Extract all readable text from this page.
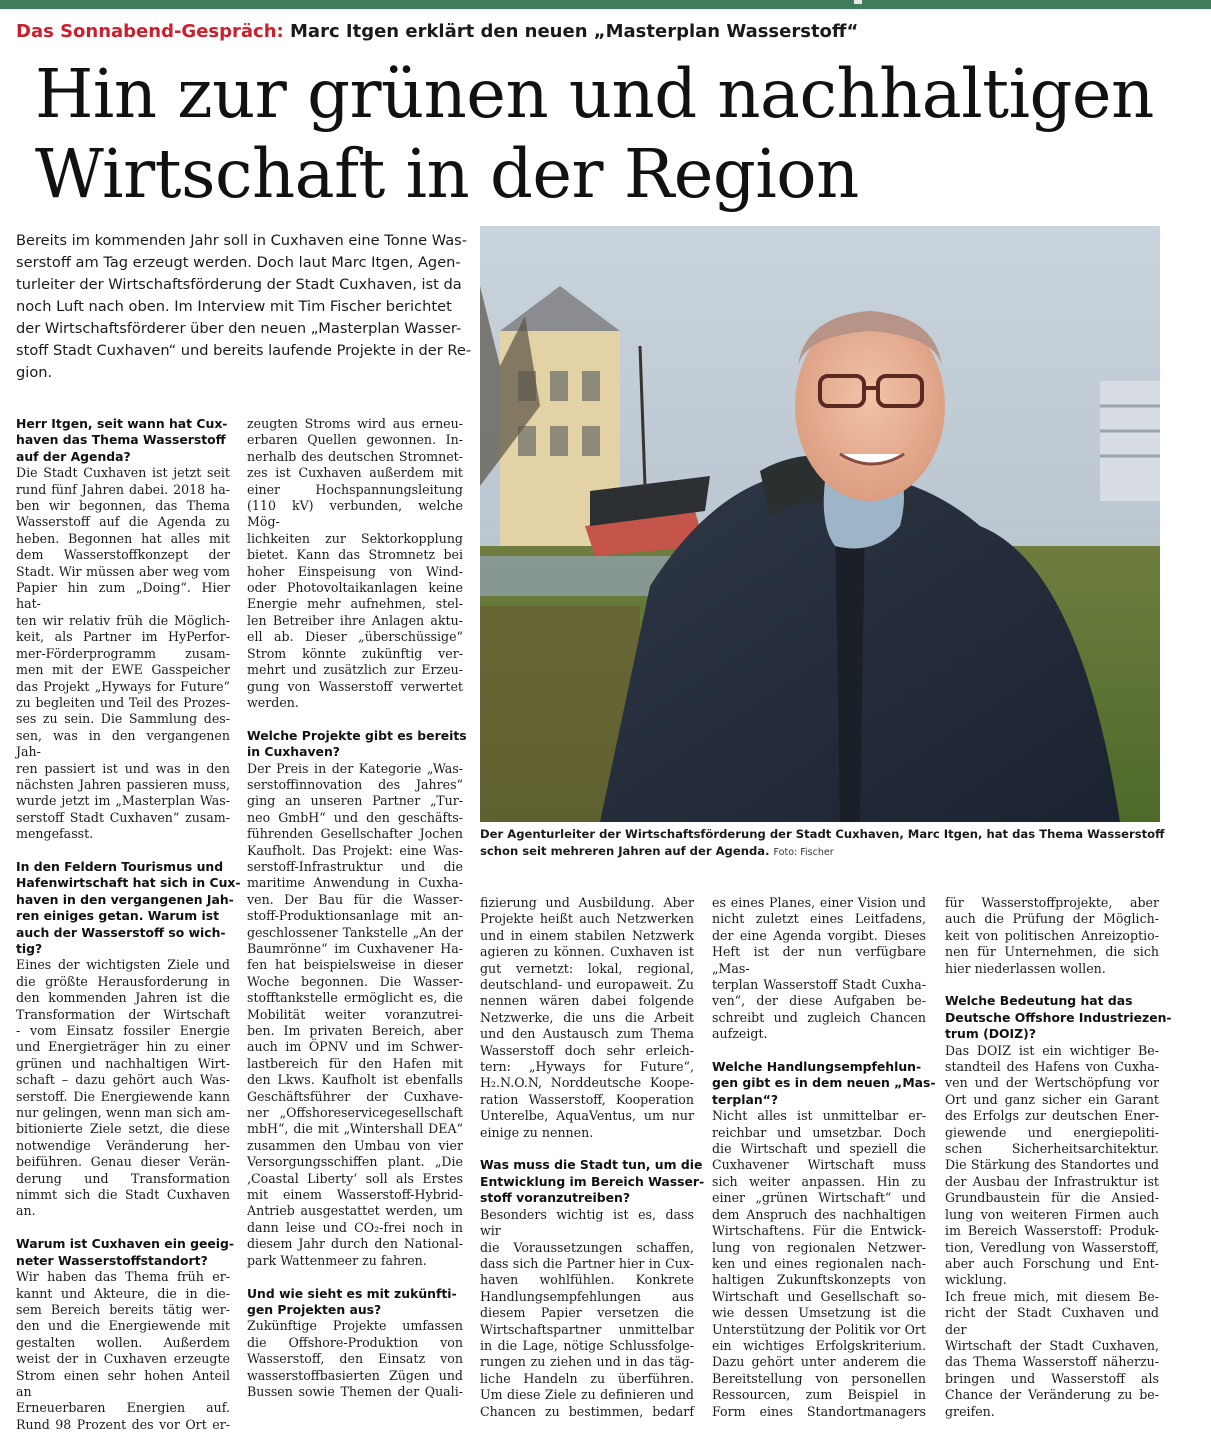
Das Sonnabend-Gespräch: Marc Itgen erklärt den neuen „Masterplan Wasserstoff“
Hin zur grünen und nachhaltigen
Wirtschaft in der Region
Bereits im kommenden Jahr soll in Cuxhaven eine Tonne Was-
serstoff am Tag erzeugt werden. Doch laut Marc Itgen, Agen-
turleiter der Wirtschaftsförderung der Stadt Cuxhaven, ist da
noch Luft nach oben. Im Interview mit Tim Fischer berichtet
der Wirtschaftsförderer über den neuen „Masterplan Wasser-
stoff Stadt Cuxhaven“ und bereits laufende Projekte in der Re-
gion.
Der Agenturleiter der Wirtschaftsförderung der Stadt Cuxhaven, Marc Itgen, hat das Thema Wasserstoff
schon seit mehreren Jahren auf der Agenda. Foto: Fischer
Herr Itgen, seit wann hat Cux-
haven das Thema Wasserstoff
auf der Agenda?
Die Stadt Cuxhaven ist jetzt seit
rund fünf Jahren dabei. 2018 ha-
ben wir begonnen, das Thema
Wasserstoff auf die Agenda zu
heben. Begonnen hat alles mit
dem Wasserstoffkonzept der
Stadt. Wir müssen aber weg vom
Papier hin zum „Doing“. Hier hat-
ten wir relativ früh die Möglich-
keit, als Partner im HyPerfor-
mer-Förderprogramm zusam-
men mit der EWE Gasspeicher
das Projekt „Hyways for Future“
zu begleiten und Teil des Prozes-
ses zu sein. Die Sammlung des-
sen, was in den vergangenen Jah-
ren passiert ist und was in den
nächsten Jahren passieren muss,
wurde jetzt im „Masterplan Was-
serstoff Stadt Cuxhaven“ zusam-
mengefasst.
In den Feldern Tourismus und
Hafenwirtschaft hat sich in Cux-
haven in den vergangenen Jah-
ren einiges getan. Warum ist
auch der Wasserstoff so wich-
tig?
Eines der wichtigsten Ziele und
die größte Herausforderung in
den kommenden Jahren ist die
Transformation der Wirtschaft
- vom Einsatz fossiler Energie
und Energieträger hin zu einer
grünen und nachhaltigen Wirt-
schaft – dazu gehört auch Was-
serstoff. Die Energiewende kann
nur gelingen, wenn man sich am-
bitionierte Ziele setzt, die diese
notwendige Veränderung her-
beiführen. Genau dieser Verän-
derung und Transformation
nimmt sich die Stadt Cuxhaven
an.
Warum ist Cuxhaven ein geeig-
neter Wasserstoffstandort?
Wir haben das Thema früh er-
kannt und Akteure, die in die-
sem Bereich bereits tätig wer-
den und die Energiewende mit
gestalten wollen. Außerdem
weist der in Cuxhaven erzeugte
Strom einen sehr hohen Anteil an
Erneuerbaren Energien auf.
Rund 98 Prozent des vor Ort er-
zeugten Stroms wird aus erneu-
erbaren Quellen gewonnen. In-
nerhalb des deutschen Stromnet-
zes ist Cuxhaven außerdem mit
einer Hochspannungsleitung
(110 kV) verbunden, welche Mög-
lichkeiten zur Sektorkopplung
bietet. Kann das Stromnetz bei
hoher Einspeisung von Wind-
oder Photovoltaikanlagen keine
Energie mehr aufnehmen, stel-
len Betreiber ihre Anlagen aktu-
ell ab. Dieser „überschüssige“
Strom könnte zukünftig ver-
mehrt und zusätzlich zur Erzeu-
gung von Wasserstoff verwertet
werden.
Welche Projekte gibt es bereits
in Cuxhaven?
Der Preis in der Kategorie „Was-
serstoffinnovation des Jahres“
ging an unseren Partner „Tur-
neo GmbH“ und den geschäfts-
führenden Gesellschafter Jochen
Kaufholt. Das Projekt: eine Was-
serstoff-Infrastruktur und die
maritime Anwendung in Cuxha-
ven. Der Bau für die Wasser-
stoff-Produktionsanlage mit an-
geschlossener Tankstelle „An der
Baumrönne“ im Cuxhavener Ha-
fen hat beispielsweise in dieser
Woche begonnen. Die Wasser-
stofftankstelle ermöglicht es, die
Mobilität weiter voranzutrei-
ben. Im privaten Bereich, aber
auch im ÖPNV und im Schwer-
lastbereich für den Hafen mit
den Lkws. Kaufholt ist ebenfalls
Geschäftsführer der Cuxhave-
ner „Offshoreservicegesellschaft
mbH“, die mit „Wintershall DEA“
zusammen den Umbau von vier
Versorgungsschiffen plant. „Die
‚Coastal Liberty‘ soll als Erstes
mit einem Wasserstoff-Hybrid-
Antrieb ausgestattet werden, um
dann leise und CO₂-frei noch in
diesem Jahr durch den National-
park Wattenmeer zu fahren.
Und wie sieht es mit zukünfti-
gen Projekten aus?
Zukünftige Projekte umfassen
die Offshore-Produktion von
Wasserstoff, den Einsatz von
wasserstoffbasierten Zügen und
Bussen sowie Themen der Quali-
fizierung und Ausbildung. Aber
Projekte heißt auch Netzwerken
und in einem stabilen Netzwerk
agieren zu können. Cuxhaven ist
gut vernetzt: lokal, regional,
deutschland- und europaweit. Zu
nennen wären dabei folgende
Netzwerke, die uns die Arbeit
und den Austausch zum Thema
Wasserstoff doch sehr erleich-
tern: „Hyways for Future“,
H₂.N.O.N, Norddeutsche Koope-
ration Wasserstoff, Kooperation
Unterelbe, AquaVentus, um nur
einige zu nennen.
Was muss die Stadt tun, um die
Entwicklung im Bereich Wasser-
stoff voranzutreiben?
Besonders wichtig ist es, dass wir
die Voraussetzungen schaffen,
dass sich die Partner hier in Cux-
haven wohlfühlen. Konkrete
Handlungsempfehlungen aus
diesem Papier versetzen die
Wirtschaftspartner unmittelbar
in die Lage, nötige Schlussfolge-
rungen zu ziehen und in das täg-
liche Handeln zu überführen.
Um diese Ziele zu definieren und
Chancen zu bestimmen, bedarf
es eines Planes, einer Vision und
nicht zuletzt eines Leitfadens,
der eine Agenda vorgibt. Dieses
Heft ist der nun verfügbare „Mas-
terplan Wasserstoff Stadt Cuxha-
ven“, der diese Aufgaben be-
schreibt und zugleich Chancen
aufzeigt.
Welche Handlungsempfehlun-
gen gibt es in dem neuen „Mas-
terplan“?
Nicht alles ist unmittelbar er-
reichbar und umsetzbar. Doch
die Wirtschaft und speziell die
Cuxhavener Wirtschaft muss
sich weiter anpassen. Hin zu
einer „grünen Wirtschaft“ und
dem Anspruch des nachhaltigen
Wirtschaftens. Für die Entwick-
lung von regionalen Netzwer-
ken und eines regionalen nach-
haltigen Zukunftskonzepts von
Wirtschaft und Gesellschaft so-
wie dessen Umsetzung ist die
Unterstützung der Politik vor Ort
ein wichtiges Erfolgskriterium.
Dazu gehört unter anderem die
Bereitstellung von personellen
Ressourcen, zum Beispiel in
Form eines Standortmanagers
für Wasserstoffprojekte, aber
auch die Prüfung der Möglich-
keit von politischen Anreizoptio-
nen für Unternehmen, die sich
hier niederlassen wollen.
Welche Bedeutung hat das
Deutsche Offshore Industriezen-
trum (DOIZ)?
Das DOIZ ist ein wichtiger Be-
standteil des Hafens von Cuxha-
ven und der Wertschöpfung vor
Ort und ganz sicher ein Garant
des Erfolgs zur deutschen Ener-
giewende und energiepoliti-
schen Sicherheitsarchitektur.
Die Stärkung des Standortes und
der Ausbau der Infrastruktur ist
Grundbaustein für die Ansied-
lung von weiteren Firmen auch
im Bereich Wasserstoff: Produk-
tion, Veredlung von Wasserstoff,
aber auch Forschung und Ent-
wicklung.
Ich freue mich, mit diesem Be-
richt der Stadt Cuxhaven und der
Wirtschaft der Stadt Cuxhaven,
das Thema Wasserstoff näherzu-
bringen und Wasserstoff als
Chance der Veränderung zu be-
greifen.
